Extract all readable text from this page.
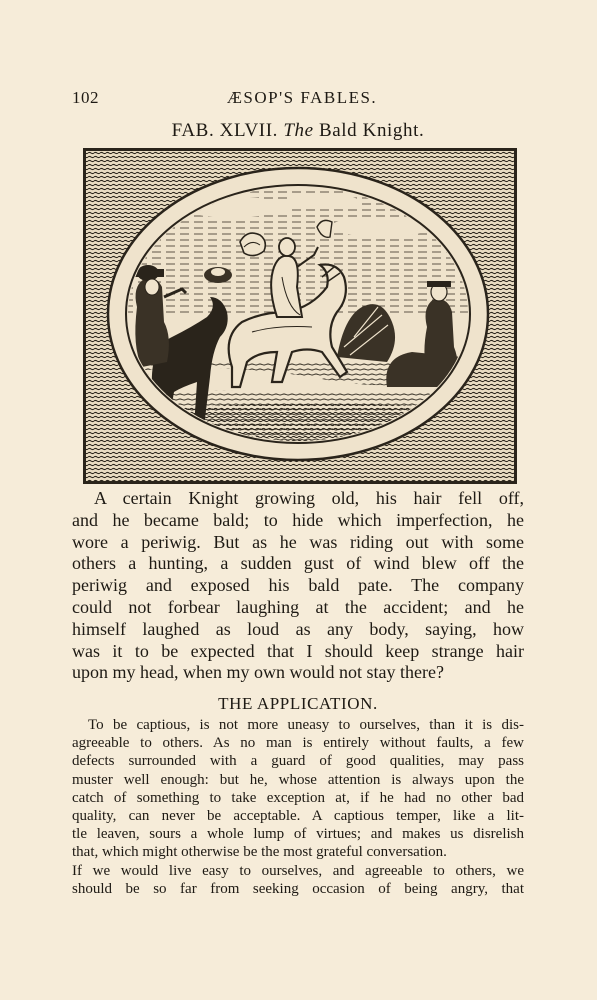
102	ÆSOP'S FABLES.
FAB. XLVII. The Bald Knight.
A certain Knight growing old, his hair fell off,
and he became bald; to hide which imperfection, he
wore a periwig. But as he was riding out with some
others a hunting, a sudden gust of wind blew off the
periwig and exposed his bald pate. The company
could not forbear laughing at the accident; and he
himself laughed as loud as any body, saying, how
was it to be expected that I should keep strange hair
upon my head, when my own would not stay there?
THE APPLICATION.
To be captious, is not more uneasy to ourselves, than it is dis-
agreeable to others. As no man is entirely without faults, a few
defects surrounded with a guard of good qualities, may pass
muster well enough: but he, whose attention is always upon the
catch of something to take exception at, if he had no other bad
quality, can never be acceptable. A captious temper, like a lit-
tle leaven, sours a whole lump of virtues; and makes us disrelish
that, which might otherwise be the most grateful conversation.
If we would live easy to ourselves, and agreeable to others, we
should be so far from seeking occasion of being angry, that
